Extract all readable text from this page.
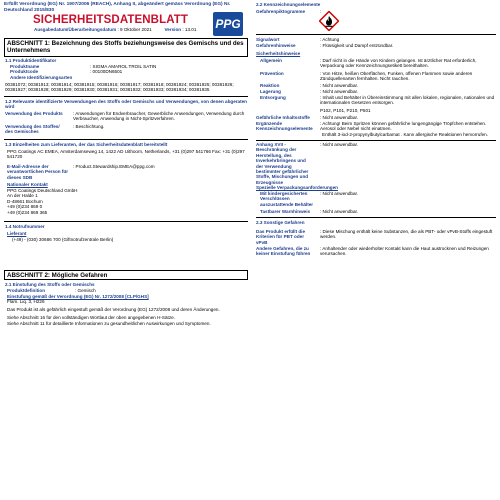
Erfüllt Verordnung (EG) Nr. 1907/2006 (REACH), Anhang II, abgeändert gemäss Verordnung (EG) Nr. Deutschland 2015/830
SICHERHEITSDATENBLATT PPG
Ausgabedatum/Überarbeitungsdatum : 9 Oktober 2021	Version : 13.01
ABSCHNITT 1: Bezeichnung des Stoffs beziehungsweise des Gemischs und des Unternehmens
1.1 Produktidentifikator
Produktname	: SIGMA AMAROL TROIL SATIN
Produktcode	: 00100DN6501
Andere Identifizierungsarten
00381072; 00381913; 00381914; 00381915; 00381916; 00381917; 00381918; 00381924; 00381925; 00381926; 00381927; 00381928; 00381929; 00381930; 00381931; 00381932; 00381933; 00381934; 00381935
1.2 Relevante identifizierte Verwendungen des Stoffs oder Gemischs und Verwendungen, von denen abgeraten wird
Verwendung des Produkts	: Anwendungen für Endverbraucher, Gewerbliche Anwendungen, Verwendung durch Verbraucher, Anwendung in Nicht-Spritzverfahren.
Verwendung des Stoffes/ des Gemisches
: Beschichtung.
1.3 Einzelheiten zum Lieferanten, der das Sicherheitsdatenblatt bereitstellt
PPG Coatings AC EMEA, Amsterdamseweg 14, 1422 AD Uithoorn, Netherlands, +31 (0)297 541766 Fax: +31 (0)297 541720
E-Mail-Adresse der verantwortlichen Person für dieses SDB
: Product.Stewardship.EMEA@ppg.com
Nationaler Kontakt
PPG Coatings Deutschland GmbH
An der Halde 1
D-48661 Bochum
+49 (0)234 869 0
+49 (0)234 869 365
1.4 Notrufnummer
Lieferant
(+49) - (030) 30686 700 (Giftnotrufzentrale Berlin)
ABSCHNITT 2: Mögliche Gefahren
2.1 Einstufung des Stoffs oder Gemischs
Produktdefinition	: Gemisch
Einstufung gemäß der Verordnung (EG) Nr. 1272/2008 [CLP/GHS]
Flam. Liq. 3, H226
Das Produkt ist als gefährlich eingestuft gemäß der Verordnung (EG) 1272/2008 und deren Änderungen.
Siehe Abschnitt 16 für den vollständigen Wortlaut der oben angegebenen H-Sätze.
Siehe Abschnitt 11 für detaillierte Informationen zu gesundheitlichen Auswirkungen und Symptomen.
2.2 Kennzeichnungselemente
Gefahrenpiktogramme	:
Signalwort	: Achtung
Gefahrenhinweise	: Flüssigkeit und Dampf entzündbar.
Sicherheitshinweise
Allgemein	: Darf nicht in die Hände von Kindern gelangen. Ist ärztlicher Rat erforderlich, Verpackung oder Kennzeichnungsetikett bereithalten.
Prävention	: Von Hitze, heißen Oberflächen, Funken, offenen Flammen sowie anderen Zündquellenarten fernhalten. Nicht rauchen.
Reaktion	: Nicht anwendbar.
Lagerung	: Nicht anwendbar.
Entsorgung	: Inhalt und Behälter in Übereinstimmung mit allen lokalen, regionalen, nationalen und internationalen Gesetzen entsorgen.
P102, P101, P210, P501
Gefährliche Inhaltsstoffe : Nicht anwendbar.
Ergänzende Kennzeichnungselemente
: Achtung! Beim Spritzen können gefährliche lungengängige Tröpfchen entstehen. Aerosol oder Nebel nicht einatmen.
Enthält 3-iod-2-propynylbutylcarbamat . Kann allergische Reaktionen hervorrufen.
Anhang XVII - Beschränkung der Herstellung, des Inverkehrbringens und der Verwendung bestimmter gefährlicher Stoffe, Mischungen und Erzeugnisse
: Nicht anwendbar.
Spezielle Verpackungsanforderungen
Mit kindergesicherten Verschlüssen auszustattende Behälter
: Nicht anwendbar.
Tastbarer Warnhinweis : Nicht anwendbar.
2.3 Sonstige Gefahren
Das Produkt erfüllt die Kriterien für PBT oder vPvB
: Diese Mischung enthält keine Substanzen, die als PBT- oder vPvB-Stoffs eingestuft werden.
Andere Gefahren, die zu keiner Einstufung führen
: Anhaltender oder wiederholter Kontakt kann die Haut austrocknen und Reizungen verursachen.
